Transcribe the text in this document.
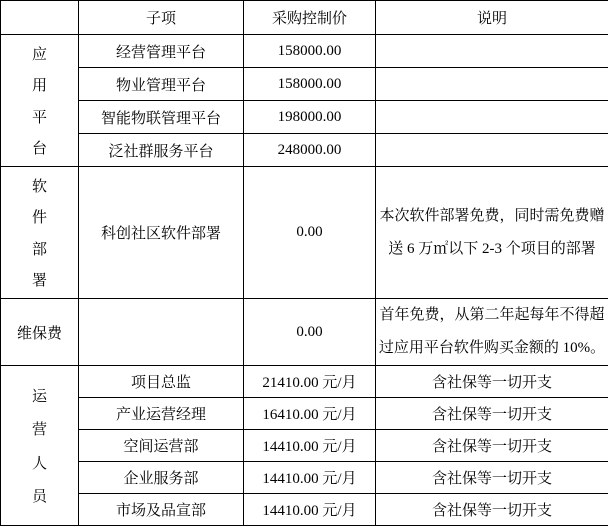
	子项	采购控制价	说明

应
用
平
台	经营管理平台	158000.00	
	物业管理平台	158000.00	
	智能物联管理平台	198000.00	
	泛社群服务平台	248000.00	

软
件
部
署	科创社区软件部署	0.00	本次软件部署免费，同时需免费赠送 6 万㎡以下 2-3 个项目的部署
维保费		0.00	首年免费，从第二年起每年不得超过应用平台软件购买金额的 10%。

运
营
人
员	项目总监	21410.00 元/月	含社保等一切开支
	产业运营经理	16410.00 元/月	含社保等一切开支
	空间运营部	14410.00 元/月	含社保等一切开支
	企业服务部	14410.00 元/月	含社保等一切开支
	市场及品宣部	14410.00 元/月	含社保等一切开支
